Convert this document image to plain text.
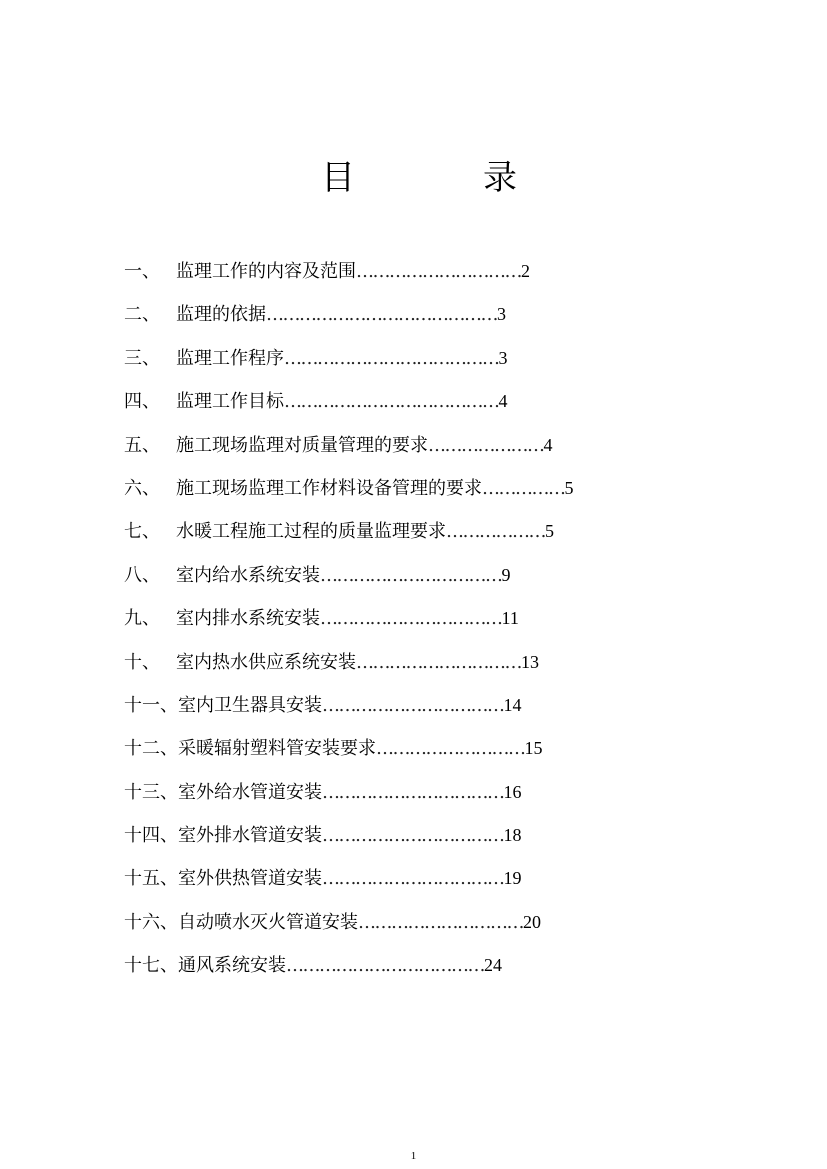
目	录
一、 监理工作的内容及范围…………………………2
二、 监理的依据……………………………………3
三、 监理工作程序…………………………………3
四、 监理工作目标…………………………………4
五、 施工现场监理对质量管理的要求…………………4
六、 施工现场监理工作材料设备管理的要求……………5
七、 水暖工程施工过程的质量监理要求………………5
八、 室内给水系统安装……………………………9
九、 室内排水系统安装……………………………11
十、 室内热水供应系统安装…………………………13
十一、室内卫生器具安装……………………………14
十二、采暖辐射塑料管安装要求………………………15
十三、室外给水管道安装……………………………16
十四、室外排水管道安装……………………………18
十五、室外供热管道安装……………………………19
十六、自动喷水灭火管道安装…………………………20
十七、通风系统安装………………………………24
1
